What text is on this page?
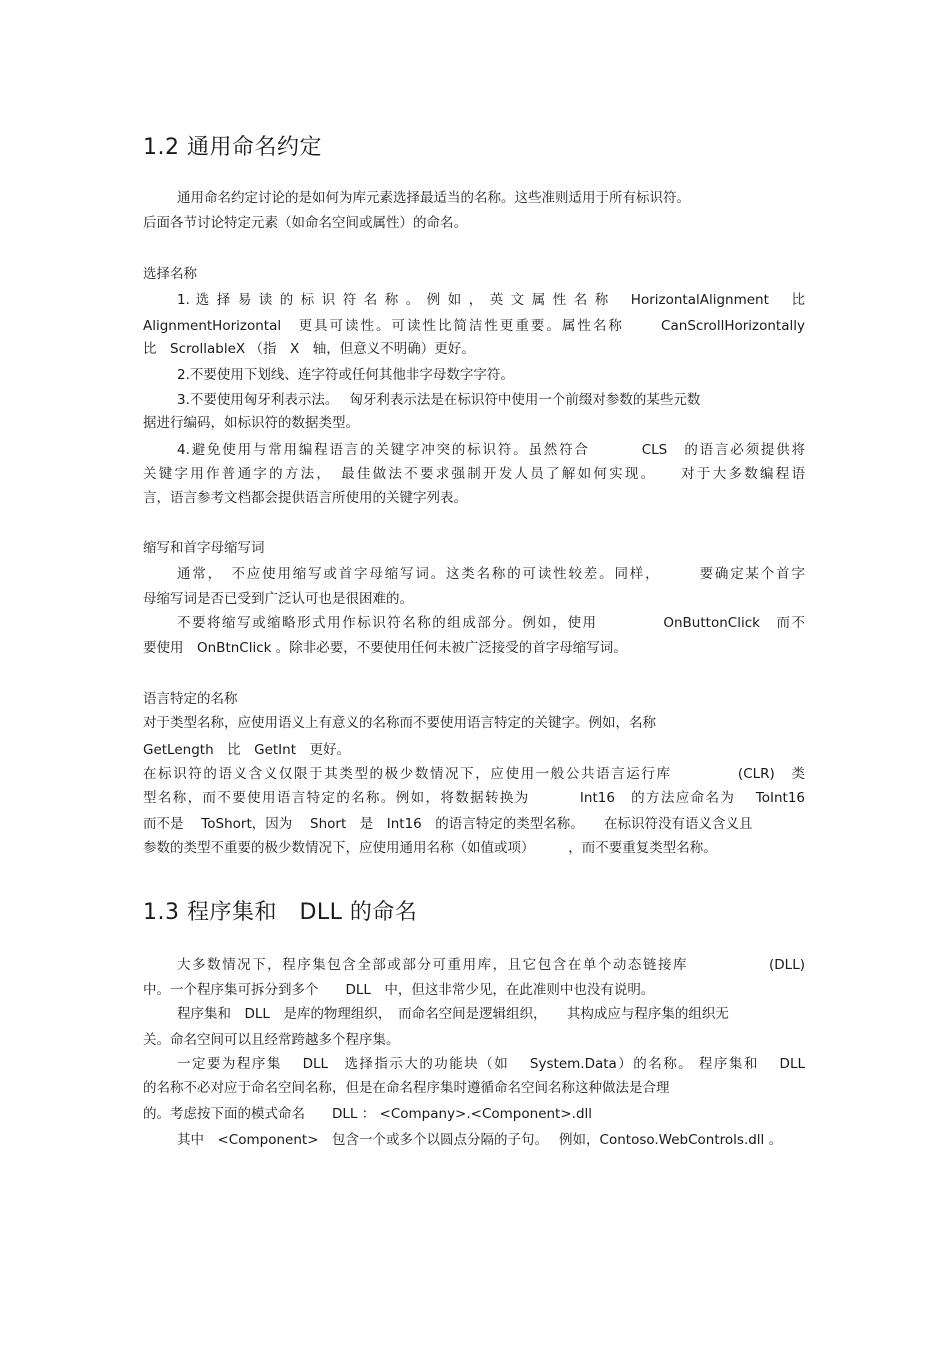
1.2 通用命名约定

通用命名约定讨论的是如何为库元素选择最适当的名称。这些准则适用于所有标识符。

后面各节讨论特定元素（如命名空间或属性）的命名。

选择名称

1. 选 择 易 读 的 标 识 符 名 称 。 例 如 ， 英 文 属 性 名 称　 HorizontalAlignment　 比

AlignmentHorizontal　更具可读性。可读性比简洁性更重要。属性名称　　 CanScrollHorizontally

比　ScrollableX （指　X　轴，但意义不明确）更好。

2.不要使用下划线、连字符或任何其他非字母数字字符。

3.不要使用匈牙利表示法。　 匈牙利表示法是在标识符中使用一个前缀对参数的某些元数

据进行编码，如标识符的数据类型。

4.避免使用与常用编程语言的关键字冲突的标识符。虽然符合　　　 CLS　的语言必须提供将

关键字用作普通字的方法，　最佳做法不要求强制开发人员了解如何实现。　　对于大多数编程语

言，语言参考文档都会提供语言所使用的关键字列表。

缩写和首字母缩写词

通常，　不应使用缩写或首字母缩写词。这类名称的可读性较差。同样，　　　要确定某个首字

母缩写词是否已受到广泛认可也是很困难的。

不要将缩写或缩略形式用作标识符名称的组成部分。例如，使用　　　　 OnButtonClick　而不

要使用　OnBtnClick 。除非必要，不要使用任何未被广泛接受的首字母缩写词。

语言特定的名称

对于类型名称，应使用语义上有意义的名称而不要使用语言特定的关键字。例如，名称

GetLength　比　GetInt　更好。

在标识符的语义含义仅限于其类型的极少数情况下，应使用一般公共语言运行库　　　　 (CLR)　类

型名称，而不要使用语言特定的名称。例如，将数据转换为　　　 Int16　的方法应命名为　 ToInt16

而不是　 ToShort，因为　 Short　是　Int16　的语言特定的类型名称。　　在标识符没有语义含义且

参数的类型不重要的极少数情况下，应使用通用名称（如值或项）　　　，而不要重复类型名称。

1.3 程序集和　DLL 的命名

大多数情况下，程序集包含全部或部分可重用库，且它包含在单个动态链接库　　　　　 (DLL)

中。一个程序集可拆分到多个　　DLL　中，但这非常少见，在此准则中也没有说明。

程序集和　DLL　是库的物理组织，　而命名空间是逻辑组织，　　其构成应与程序集的组织无

关。命名空间可以且经常跨越多个程序集。

一定要为程序集　 DLL　选择指示大的功能块（如　 System.Data）的名称。 程序集和　 DLL

的名称不必对应于命名空间名称，但是在命名程序集时遵循命名空间名称这种做法是合理

的。考虑按下面的模式命名　　DLL ： <Company>.<Component>.dll

其中　<Component>　包含一个或多个以圆点分隔的子句。　 例如，Contoso.WebControls.dll 。
